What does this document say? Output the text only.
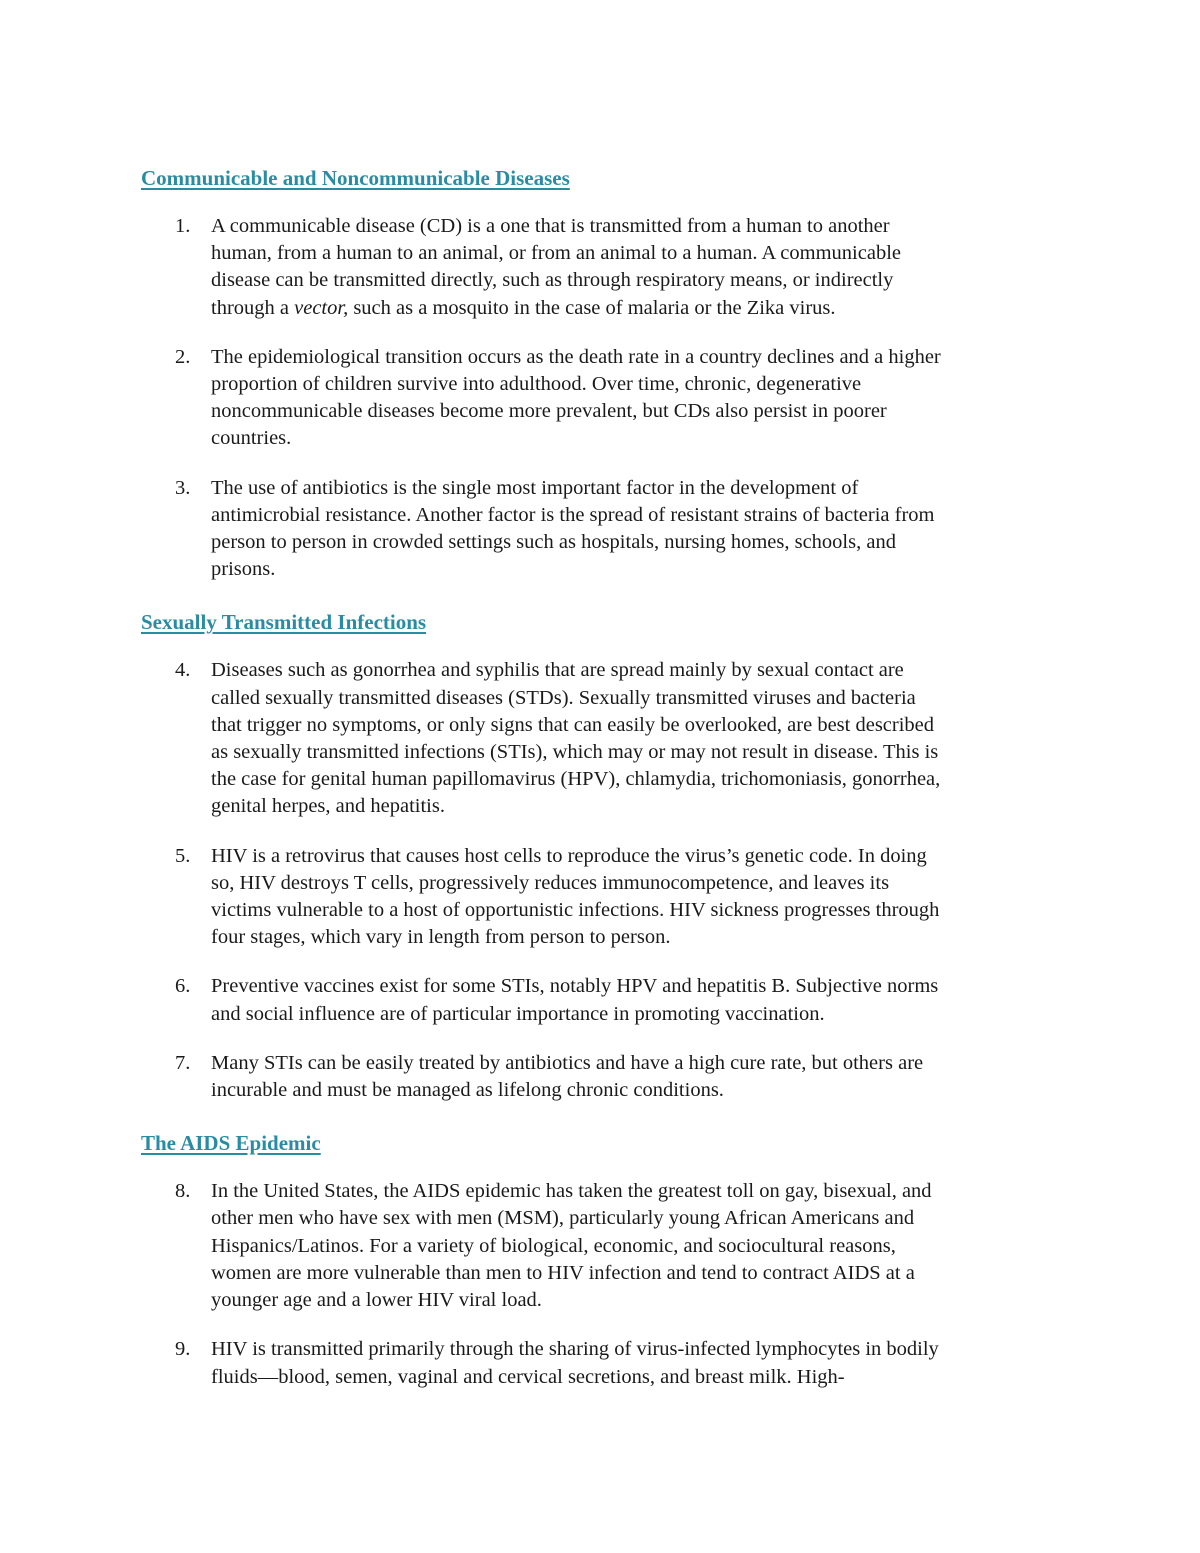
Communicable and Noncommunicable Diseases
1. A communicable disease (CD) is a one that is transmitted from a human to another
human, from a human to an animal, or from an animal to a human. A communicable
disease can be transmitted directly, such as through respiratory means, or indirectly
through a vector, such as a mosquito in the case of malaria or the Zika virus.
2. The epidemiological transition occurs as the death rate in a country declines and a higher
proportion of children survive into adulthood. Over time, chronic, degenerative
noncommunicable diseases become more prevalent, but CDs also persist in poorer
countries.
3. The use of antibiotics is the single most important factor in the development of
antimicrobial resistance. Another factor is the spread of resistant strains of bacteria from
person to person in crowded settings such as hospitals, nursing homes, schools, and
prisons.
Sexually Transmitted Infections
4. Diseases such as gonorrhea and syphilis that are spread mainly by sexual contact are
called sexually transmitted diseases (STDs). Sexually transmitted viruses and bacteria
that trigger no symptoms, or only signs that can easily be overlooked, are best described
as sexually transmitted infections (STIs), which may or may not result in disease. This is
the case for genital human papillomavirus (HPV), chlamydia, trichomoniasis, gonorrhea,
genital herpes, and hepatitis.
5. HIV is a retrovirus that causes host cells to reproduce the virus’s genetic code. In doing
so, HIV destroys T cells, progressively reduces immunocompetence, and leaves its
victims vulnerable to a host of opportunistic infections. HIV sickness progresses through
four stages, which vary in length from person to person.
6. Preventive vaccines exist for some STIs, notably HPV and hepatitis B. Subjective norms
and social influence are of particular importance in promoting vaccination.
7. Many STIs can be easily treated by antibiotics and have a high cure rate, but others are
incurable and must be managed as lifelong chronic conditions.
The AIDS Epidemic
8. In the United States, the AIDS epidemic has taken the greatest toll on gay, bisexual, and
other men who have sex with men (MSM), particularly young African Americans and
Hispanics/Latinos. For a variety of biological, economic, and sociocultural reasons,
women are more vulnerable than men to HIV infection and tend to contract AIDS at a
younger age and a lower HIV viral load.
9. HIV is transmitted primarily through the sharing of virus-infected lymphocytes in bodily
fluids—blood, semen, vaginal and cervical secretions, and breast milk. High-
